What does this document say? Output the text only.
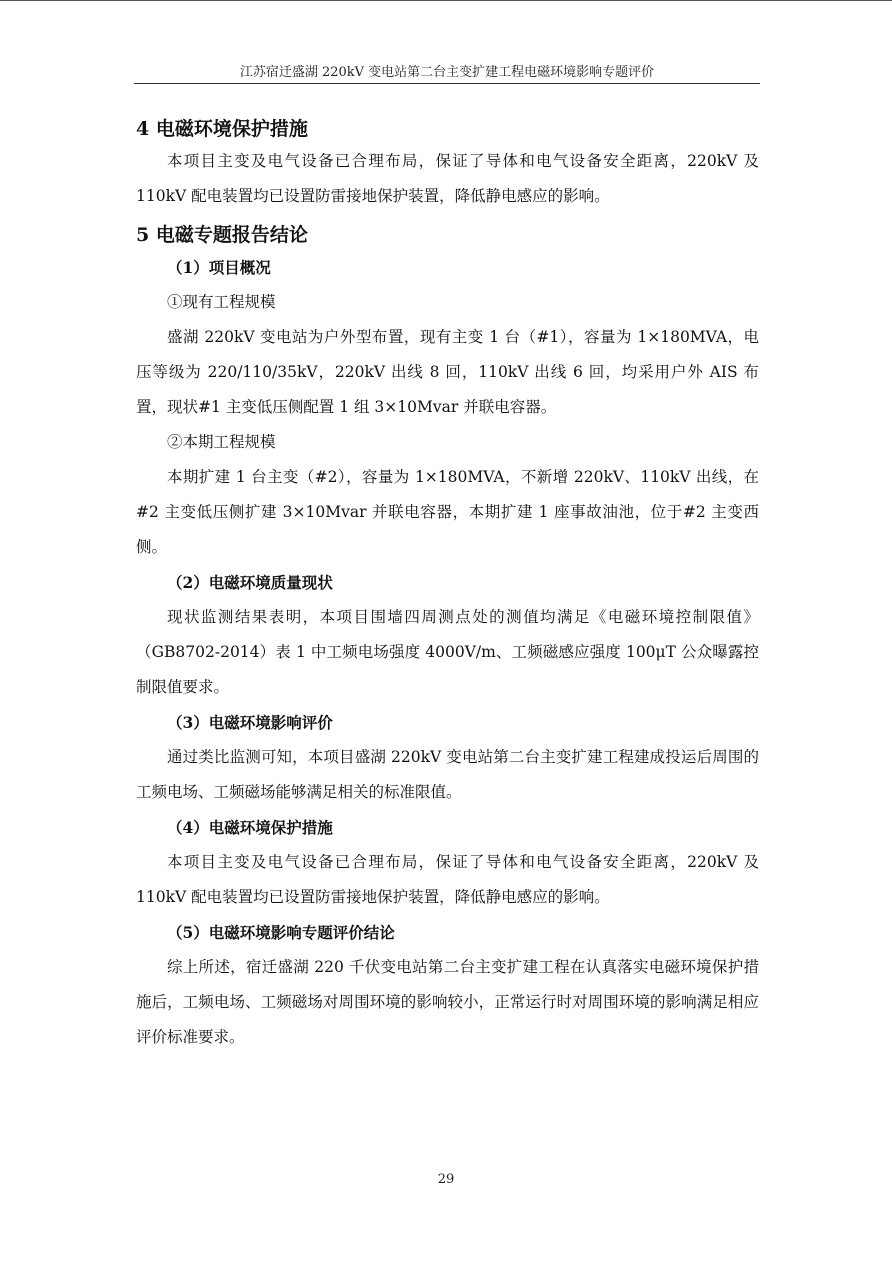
江苏宿迁盛湖 220kV 变电站第二台主变扩建工程电磁环境影响专题评价
4 电磁环境保护措施

本项目主变及电气设备已合理布局，保证了导体和电气设备安全距离，220kV 及 110kV 配电装置均已设置防雷接地保护装置，降低静电感应的影响。

5 电磁专题报告结论

（1）项目概况

①现有工程规模

盛湖 220kV 变电站为户外型布置，现有主变 1 台（#1），容量为 1×180MVA，电压等级为 220/110/35kV，220kV 出线 8 回，110kV 出线 6 回，均采用户外 AIS 布置，现状#1 主变低压侧配置 1 组 3×10Mvar 并联电容器。

②本期工程规模

本期扩建 1 台主变（#2），容量为 1×180MVA，不新增 220kV、110kV 出线，在#2 主变低压侧扩建 3×10Mvar 并联电容器，本期扩建 1 座事故油池，位于#2 主变西侧。

（2）电磁环境质量现状

现状监测结果表明，本项目围墙四周测点处的测值均满足《电磁环境控制限值》（GB8702-2014）表 1 中工频电场强度 4000V/m、工频磁感应强度 100μT 公众曝露控制限值要求。

（3）电磁环境影响评价

通过类比监测可知，本项目盛湖 220kV 变电站第二台主变扩建工程建成投运后周围的工频电场、工频磁场能够满足相关的标准限值。

（4）电磁环境保护措施

本项目主变及电气设备已合理布局，保证了导体和电气设备安全距离，220kV 及 110kV 配电装置均已设置防雷接地保护装置，降低静电感应的影响。

（5）电磁环境影响专题评价结论

综上所述，宿迁盛湖 220 千伏变电站第二台主变扩建工程在认真落实电磁环境保护措施后，工频电场、工频磁场对周围环境的影响较小，正常运行时对周围环境的影响满足相应评价标准要求。

29
